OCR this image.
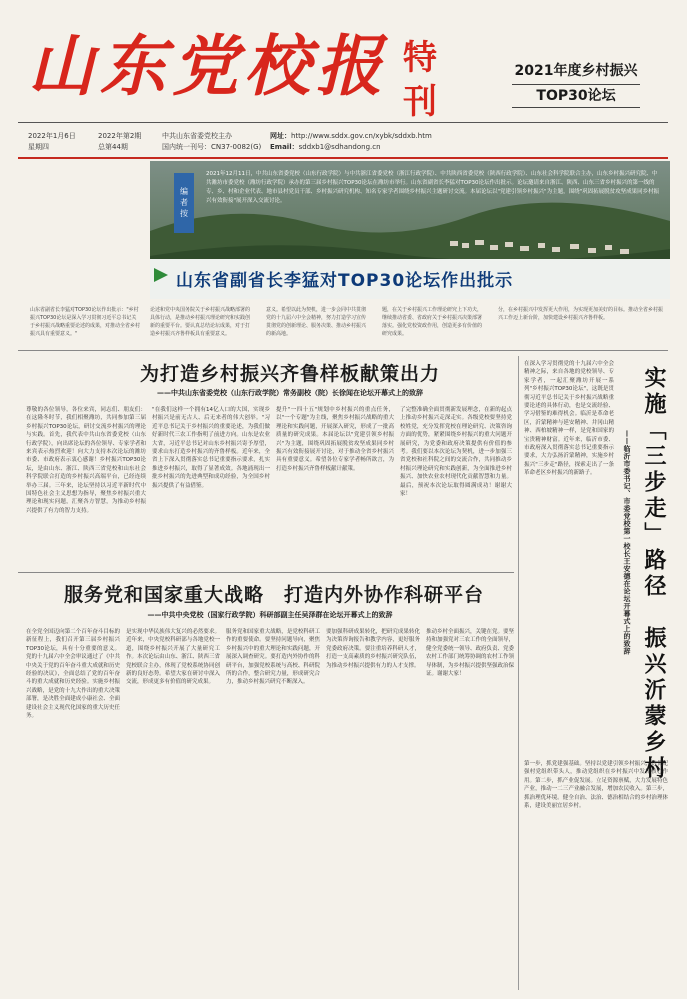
山东党校报 特刊
2021年度乡村振兴
TOP30论坛
2022年1月6日
星期四
2022年第2期
总第44期
中共山东省委党校主办
国内统一刊号：CN37-0082(G)
网址：http://www.sddx.gov.cn/xybk/sddxb.htm
Email：sddxb1@sdhandong.cn
编者按
2021年12月11日，中共山东省委党校（山东行政学院）与中共浙江省委党校（浙江行政学院）、中共陕西省委党校（陕西行政学院）、山东社会科学院联合主办，山东乡村振兴研究院、中共潍坊市委党校（潍坊行政学院）承办的第三届乡村振兴TOP30论坛在潍坊市举行。山东省副省长李猛对TOP30论坛作出批示。论坛邀请来自浙江、陕西、山东三省乡村振兴的第一线的专、乡、村和企业代表、地市县村党员干部、乡村振兴研究机构、知名专家学者围绕乡村振兴主题研讨交流。本届论坛以"党建引领乡村振兴"为主题，围绕"巩固拓展脱贫攻坚成果同乡村振兴有效衔接"展开深入交流讨论。
山东省副省长李猛对TOP30论坛作出批示
山东省副省长李猛对TOP30论坛作出批示："乡村振兴TOP30论坛是深入学习贯彻习近平总书记关于乡村振兴战略重要论述的成果，对推动全省乡村振兴具有重要意义。"
论述和党中央国务院关于乡村振兴战略部署的具体行动，是推动乡村振兴理论研究和实践创新的重要平台。要认真总结论坛成果，对于打造乡村振兴齐鲁样板具有重要意义。
意义。希望以此为契机，进一步会同中共贯彻党的十九届六中全会精神，努力打造学习宣传贯彻党的创新理论、服务决策、推动乡村振兴的新高地。
题，在关于乡村振兴工作理论研究上下功夫，继续推动省委、省政府关于乡村振兴决策部署落实。强化党校资政作用，创造更多有价值的研究成果。
分，在乡村振兴中发挥更大作用，为实现更加美好的目标。推动全省乡村振兴工作迈上新台阶，加快建设乡村振兴齐鲁样板。
为打造乡村振兴齐鲁样板献策出力
——中共山东省委党校（山东行政学院）常务副校（院）长徐闻在论坛开幕式上的致辞
尊敬的各位领导，各位来宾，同志们、朋友们：在这隆冬时节，我们相聚潍坊，共同参加第三届乡村振兴TOP30论坛，研讨交流乡村振兴的理论与实践。首先，我代表中共山东省委党校（山东行政学院），向出席论坛的各位领导、专家学者和来宾表示热烈欢迎！向大力支持本次论坛的潍坊市委、市政府表示衷心感谢！乡村振兴TOP30论坛，是由山东、浙江、陕西三省党校和山东社会科学院联合打造的乡村振兴高端平台，已经连续举办三届。三年来，论坛坚持以习近平新时代中国特色社会主义思想为指导，聚焦乡村振兴重大理论和现实问题，汇聚各方智慧，为推动乡村振兴提供了有力的智力支持。
"在我们这样一个拥有14亿人口的大国，实现乡村振兴是前无古人、后无来者的伟大创举。"习近平总书记关于乡村振兴的重要论述，为我们做好新时代三农工作指明了前进方向。山东是农业大省，习近平总书记对山东乡村振兴寄予厚望，要求山东打造乡村振兴的齐鲁样板。近年来，全省上下深入贯彻落实总书记重要指示要求，扎实推进乡村振兴，取得了显著成效。各地涌现出一批乡村振兴的先进典型和成功经验，为全国乡村振兴提供了有益借鉴。
提升"一四十五"规划中乡村振兴的重点任务，以"一个专题"为主线，聚焦乡村振兴战略的重大理论和实践问题，开展深入研究，形成了一批高质量的研究成果。本届论坛以"党建引领乡村振兴"为主题，围绕巩固拓展脱贫攻坚成果同乡村振兴有效衔接展开讨论，对于推动全省乡村振兴具有重要意义。希望各位专家学者畅所欲言，为打造乡村振兴齐鲁样板献计献策。
了完整准确全面贯彻新发展理念，在新的起点上推动乡村振兴走深走实。各级党校要坚持党校姓党，充分发挥党校在理论研究、决策咨询方面的优势，紧紧围绕乡村振兴的重大问题开展研究，为党委和政府决策提供有价值的参考。我们要以本次论坛为契机，进一步加强三省党校和社科院之间的交流合作，共同推动乡村振兴理论研究和实践创新，为全面推进乡村振兴、加快农业农村现代化贡献智慧和力量。最后，预祝本次论坛取得圆满成功！谢谢大家！
服务党和国家重大战略　打造内外协作科研平台
——中共中央党校（国家行政学院）科研部副主任吴泽群在论坛开幕式上的致辞
在全党全国迈向第二个百年奋斗目标的新征程上，我们召开第三届乡村振兴TOP30论坛，具有十分重要的意义。党的十九届六中全会审议通过了《中共中央关于党的百年奋斗重大成就和历史经验的决议》，全面总结了党的百年奋斗的重大成就和历史经验。实施乡村振兴战略，是党的十九大作出的重大决策部署，是决胜全面建成小康社会、全面建设社会主义现代化国家的重大历史任务。
是实现中华民族伟大复兴的必然要求。近年来，中央党校科研部与各地党校一道，围绕乡村振兴开展了大量研究工作。本次论坛由山东、浙江、陕西三省党校联合主办，体现了党校系统协同创新的良好态势。希望大家在研讨中深入交流，形成更多有价值的研究成果。
服务党和国家重大战略，是党校科研工作的重要使命。要坚持问题导向，聚焦乡村振兴中的重大理论和实践问题，开展深入调查研究。要打造内外协作的科研平台，加强党校系统与高校、科研院所的合作，整合研究力量，形成研究合力，推动乡村振兴研究不断深入。
要加强科研成果转化，把研究成果转化为决策咨询报告和教学内容，更好服务党委政府决策。要注重培养科研人才，打造一支高素质的乡村振兴研究队伍，为推动乡村振兴提供有力的人才支撑。
推动乡村全面振兴，关键在党。要坚持和加强党对三农工作的全面领导，健全党委统一领导、政府负责、党委农村工作部门统筹协调的农村工作领导体制，为乡村振兴提供坚强政治保证。谢谢大家！
在深入学习贯彻党的十九届六中全会精神之际，来自各地的党校领导、专家学者，一起汇聚潍坊开展一系列"乡村振兴TOP30论坛"，这既是贯彻习近平总书记关于乡村振兴战略重要论述的具体行动，也是交流经验、学习借鉴的难得机会。临沂是革命老区，沂蒙精神与延安精神、井冈山精神、西柏坡精神一样，是党和国家的宝贵精神财富。近年来，临沂市委、市政府深入贯彻落实总书记重要指示要求，大力弘扬沂蒙精神，实施乡村振兴"三步走"路径，探索走出了一条革命老区乡村振兴的新路子。	实施「三步走」路径　振兴沂蒙乡村
——临沂市委书记、市委党校第一校长王安德在论坛开幕式上的致辞
第一步，抓党建强基础。坚持以党建引领乡村振兴，选优配强村党组织带头人，推动党组织在乡村振兴中发挥核心作用。第二步，抓产业促发展。立足资源禀赋，大力发展特色产业，推动一二三产业融合发展，增加农民收入。第三步，抓治理优环境。健全自治、法治、德治相结合的乡村治理体系，建设美丽宜居乡村。
